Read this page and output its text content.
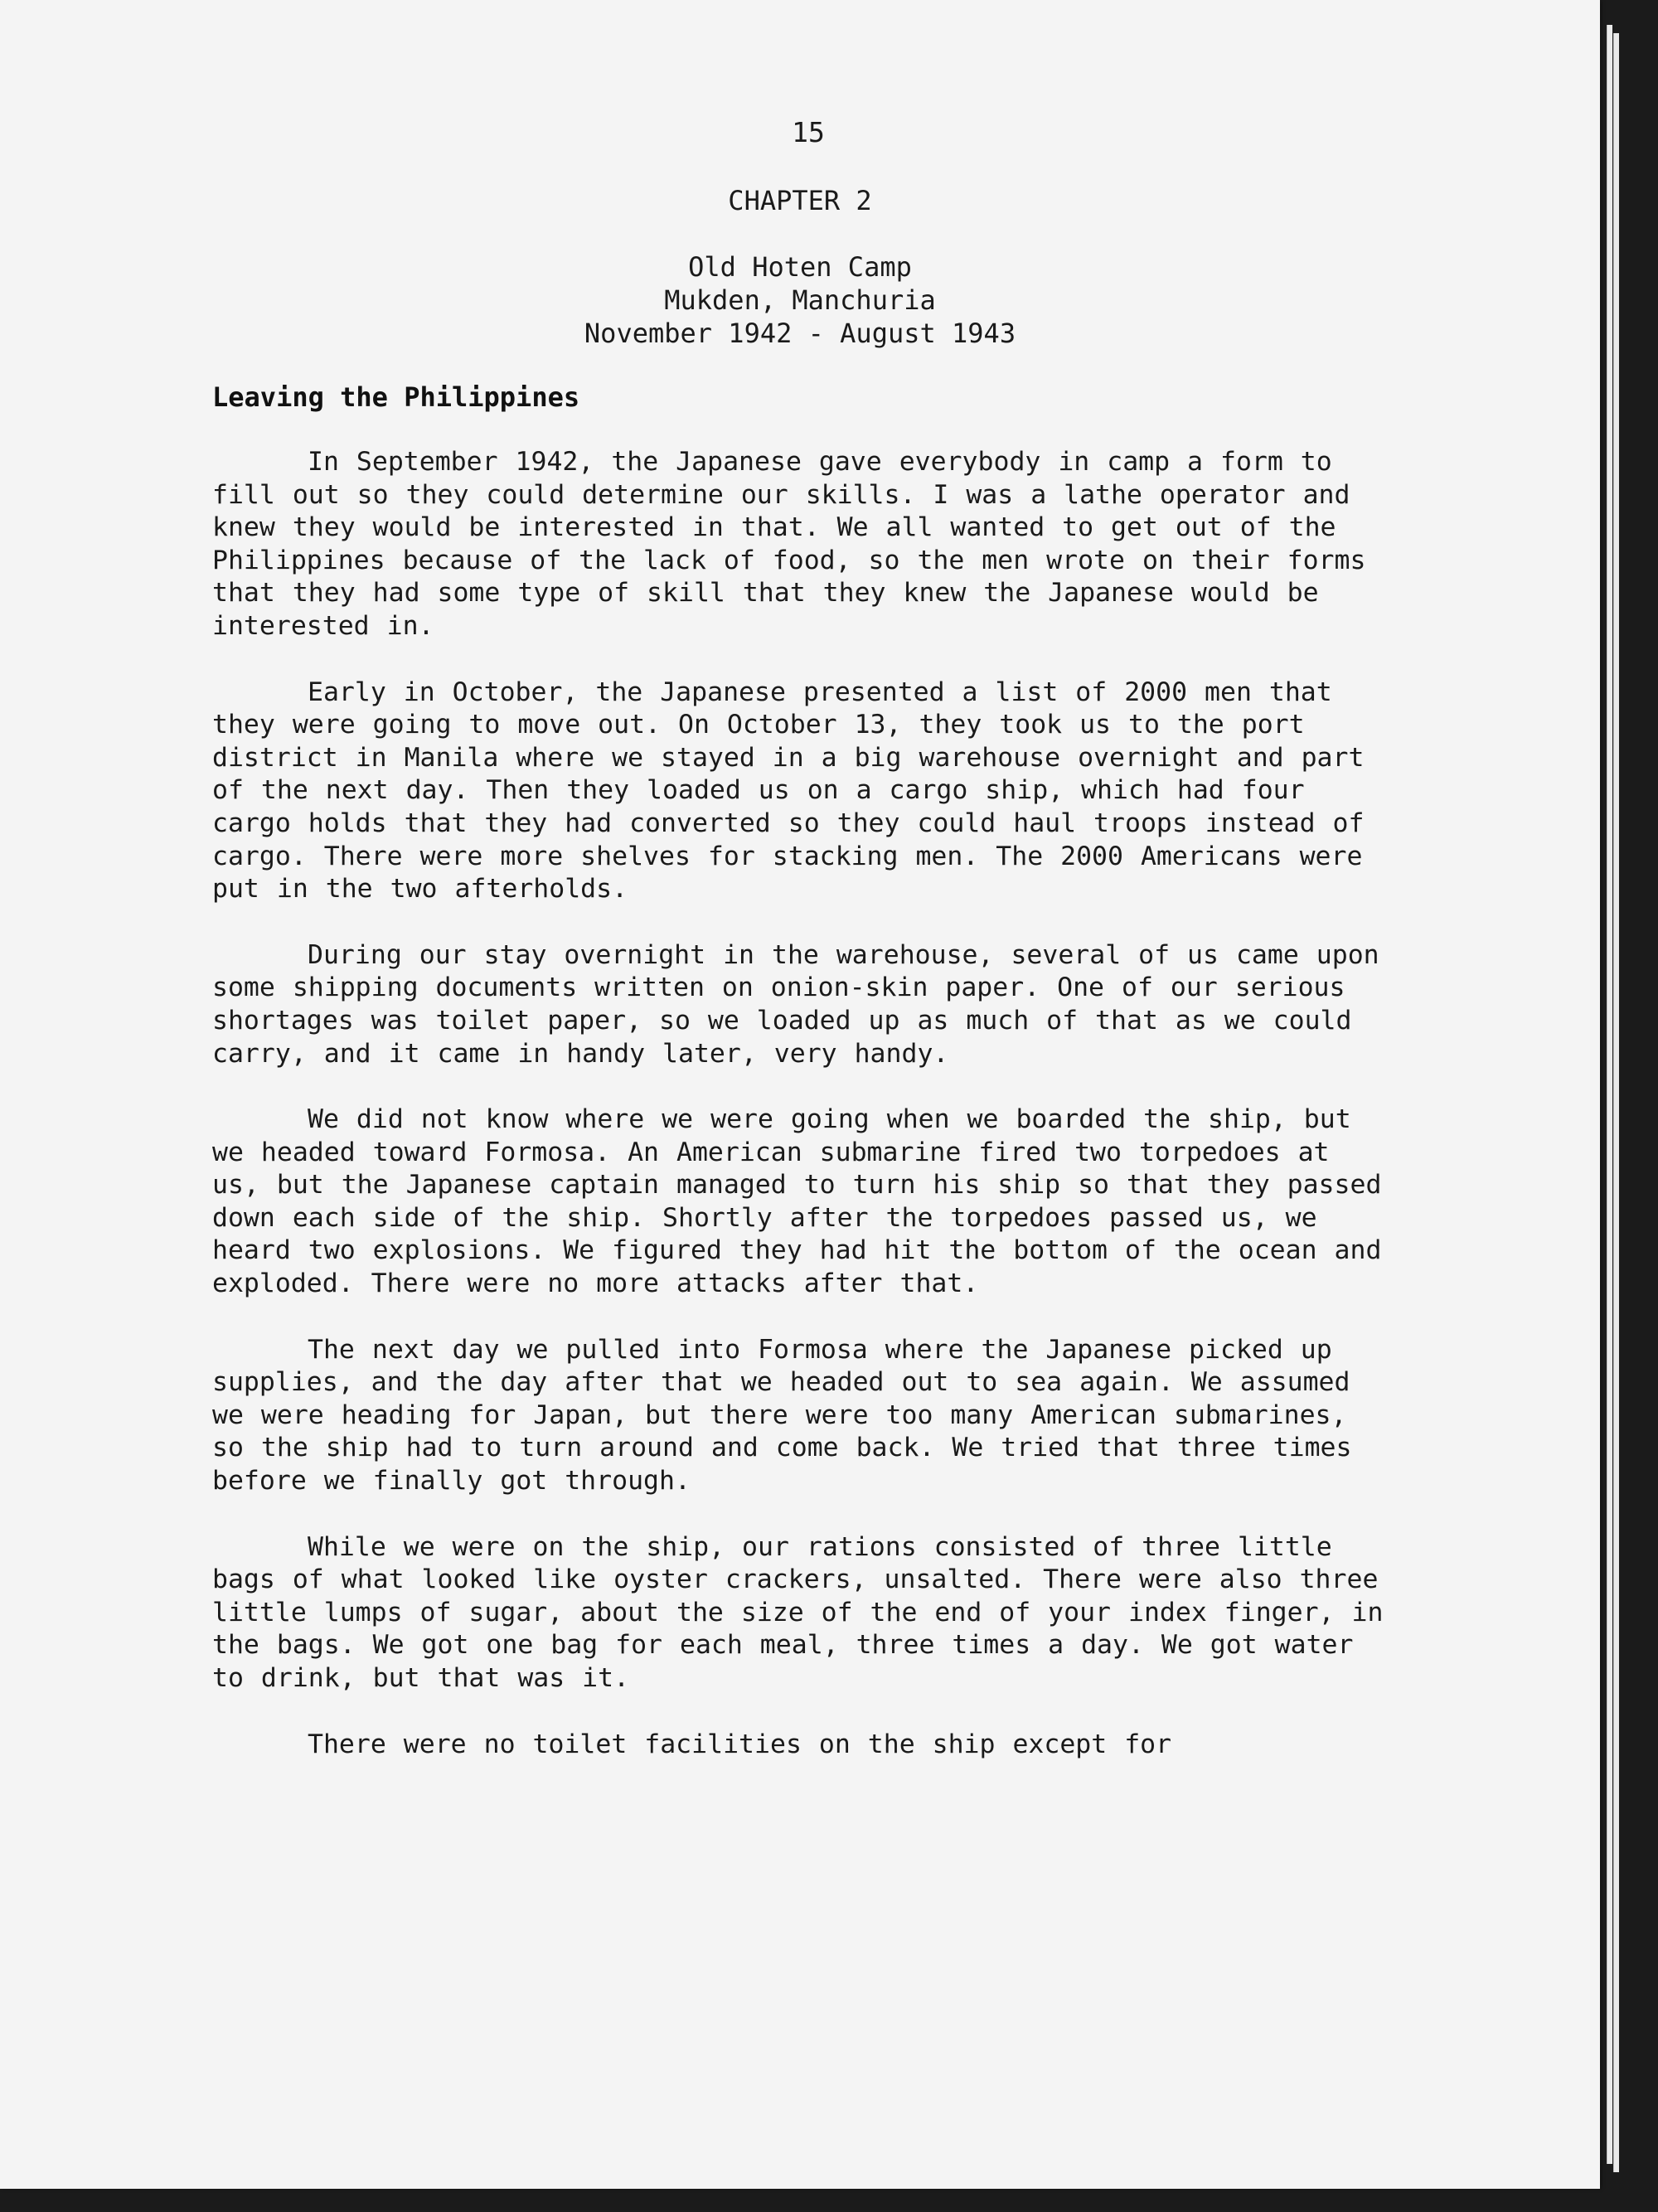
15
CHAPTER 2
Old Hoten Camp
Mukden, Manchuria
November 1942 - August 1943
Leaving the Philippines

In September 1942, the Japanese gave everybody in camp a form to fill out so they could determine our skills. I was a lathe operator and knew they would be interested in that. We all wanted to get out of the Philippines because of the lack of food, so the men wrote on their forms that they had some type of skill that they knew the Japanese would be interested in.

Early in October, the Japanese presented a list of 2000 men that they were going to move out. On October 13, they took us to the port district in Manila where we stayed in a big warehouse overnight and part of the next day. Then they loaded us on a cargo ship, which had four cargo holds that they had converted so they could haul troops instead of cargo. There were more shelves for stacking men. The 2000 Americans were put in the two afterholds.

During our stay overnight in the warehouse, several of us came upon some shipping documents written on onion-skin paper. One of our serious shortages was toilet paper, so we loaded up as much of that as we could carry, and it came in handy later, very handy.

We did not know where we were going when we boarded the ship, but we headed toward Formosa. An American submarine fired two torpedoes at us, but the Japanese captain managed to turn his ship so that they passed down each side of the ship. Shortly after the torpedoes passed us, we heard two explosions. We figured they had hit the bottom of the ocean and exploded. There were no more attacks after that.

The next day we pulled into Formosa where the Japanese picked up supplies, and the day after that we headed out to sea again. We assumed we were heading for Japan, but there were too many American submarines, so the ship had to turn around and come back. We tried that three times before we finally got through.

While we were on the ship, our rations consisted of three little bags of what looked like oyster crackers, unsalted. There were also three little lumps of sugar, about the size of the end of your index finger, in the bags. We got one bag for each meal, three times a day. We got water to drink, but that was it.

There were no toilet facilities on the ship except for
